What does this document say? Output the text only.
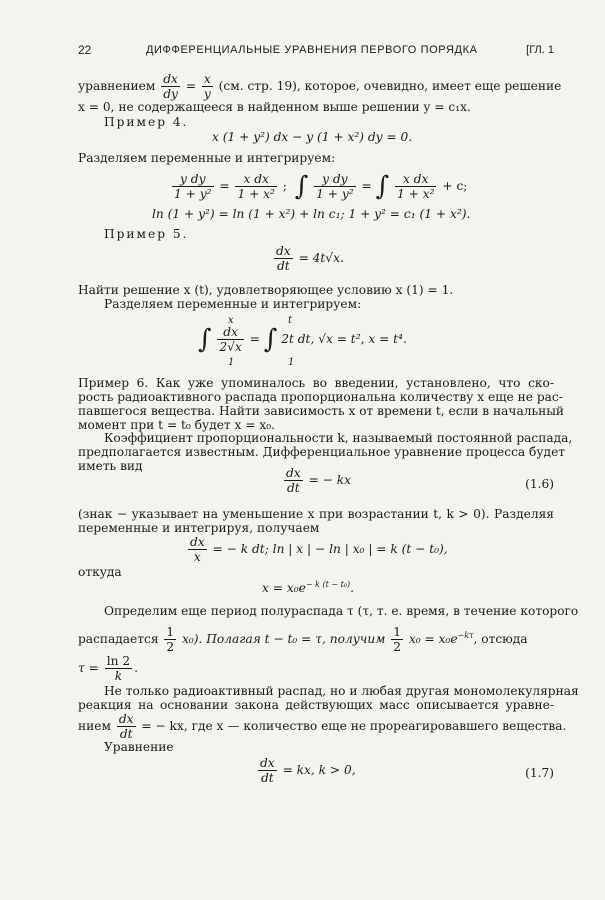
22	ДИФФЕРЕНЦИАЛЬНЫЕ УРАВНЕНИЯ ПЕРВОГО ПОРЯДКА	[ГЛ. 1
уравнением $\frac{dx}{dy} = \frac{x}{y} (см$. стр. 19), которое, очевидно, имеет еще решение
x = 0, не содержащееся в найденном выше решении y = c₁x.
Пример 4.
x (1 + y²) dx − y (1 + x²) dy = 0.
Разделяем переменные и интегрируем:
$\frac{\text{y dy}}{\text{1 + y²}} = \frac{\text{x dx}}{\text{1 + x²}}$ ; ∫ $\frac{\text{y dy}}{\text{1 + y²}}$ = ∫ $\frac{\text{x dx}}{\text{1 + x²}} + c$;
ln (1 + y²) = ln (1 + x²) + ln c₁; 1 + y² = c₁ (1 + x²).
Пример 5.
$\frac{dx}{dt} = 4t√x$.
Найти решение x (t), удовлетворяющее условию x (1) = 1.
Разделяем переменные и интегрируем:
x
1
t
1
∫ $\frac{dx}{2√x}$ = ∫ 2t dt, √x = t², x = t⁴.
Пример 6. Как уже упоминалось во введении, установлено, что ско-
рость радиоактивного распада пропорциональна количеству x еще не рас-
павшегося вещества. Найти зависимость x от времени t, если в начальный
момент при t = t₀ будет x = x₀.
Коэффициент пропорциональности k, называемый постоянной распада,
предполагается известным. Дифференциальное уравнение процесса будет
иметь вид	$\frac{dx}{dt}$ = − kx	(1.6)
(знак − указывает на уменьшение x при возрастании t, k > 0). Разделяя
переменные и интегрируя, получаем
$\frac{dx}{x}$ = − k dt; ln | x | − ln | x₀ | = k (t − t₀),
откуда
$x = x_0e^{- k (t - t_0)}$.
Определим еще период полураспада τ (τ, т. е. время, в течение которого
распадается $\frac{1}{2} x_0$). Полагая t − t₀ = τ, получим $\frac{1}{2} x_0 = x_0e^{-k\tau}$, отсюда
$\tau = \frac{\ln 2}{k}$ .
Не только радиоактивный распад, но и любая другая мономолекулярная
реакция на основании закона действующих масс описывается уравне-
нием $\frac{dx}{dt}$ = − kx, где x — количество еще не прореагировавшего вещества.
Уравнение
$\frac{dx}{dt}$ = kx, k > 0,	(1.7)
